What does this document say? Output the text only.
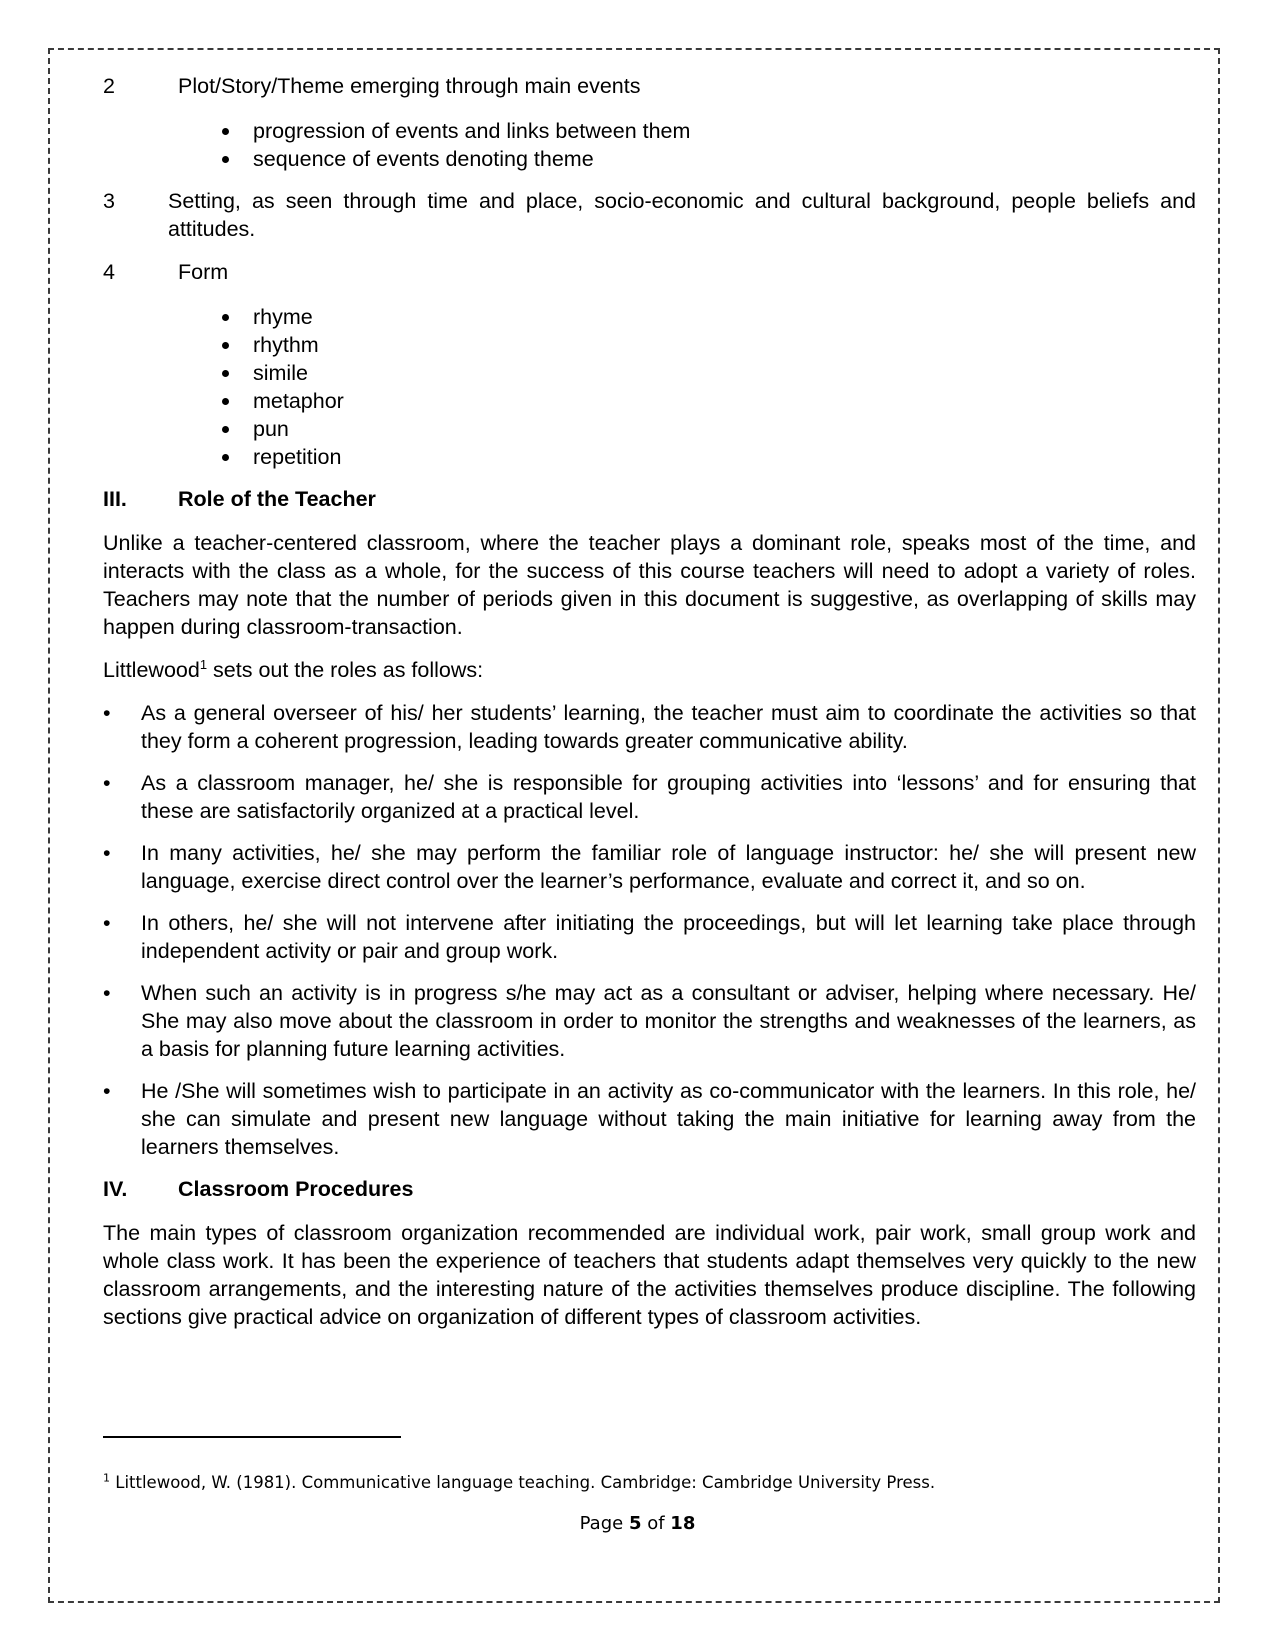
2	Plot/Story/Theme emerging through main events
progression of events and links between them
sequence of events denoting theme
3	Setting, as seen through time and place, socio-economic and cultural background, people beliefs and attitudes.
4	Form
rhyme
rhythm
simile
metaphor
pun
repetition
III. Role of the Teacher

Unlike a teacher-centered classroom, where the teacher plays a dominant role, speaks most of the time, and interacts with the class as a whole, for the success of this course teachers will need to adopt a variety of roles. Teachers may note that the number of periods given in this document is suggestive, as overlapping of skills may happen during classroom-transaction.

Littlewood$^1$ sets out the roles as follows:

• As a general overseer of his/ her students’ learning, the teacher must aim to coordinate the activities so that they form a coherent progression, leading towards greater communicative ability.
• As a classroom manager, he/ she is responsible for grouping activities into ‘lessons’ and for ensuring that these are satisfactorily organized at a practical level.
• In many activities, he/ she may perform the familiar role of language instructor: he/ she will present new language, exercise direct control over the learner’s performance, evaluate and correct it, and so on.
• In others, he/ she will not intervene after initiating the proceedings, but will let learning take place through independent activity or pair and group work.
• When such an activity is in progress s/he may act as a consultant or adviser, helping where necessary. He/ She may also move about the classroom in order to monitor the strengths and weaknesses of the learners, as a basis for planning future learning activities.
• He /She will sometimes wish to participate in an activity as co-communicator with the learners. In this role, he/ she can simulate and present new language without taking the main initiative for learning away from the learners themselves.
IV. Classroom Procedures

The main types of classroom organization recommended are individual work, pair work, small group work and whole class work. It has been the experience of teachers that students adapt themselves very quickly to the new classroom arrangements, and the interesting nature of the activities themselves produce discipline. The following sections give practical advice on organization of different types of classroom activities.

$^1$ Littlewood, W. (1981). Communicative language teaching. Cambridge: Cambridge University Press.
Page 5 of 18
